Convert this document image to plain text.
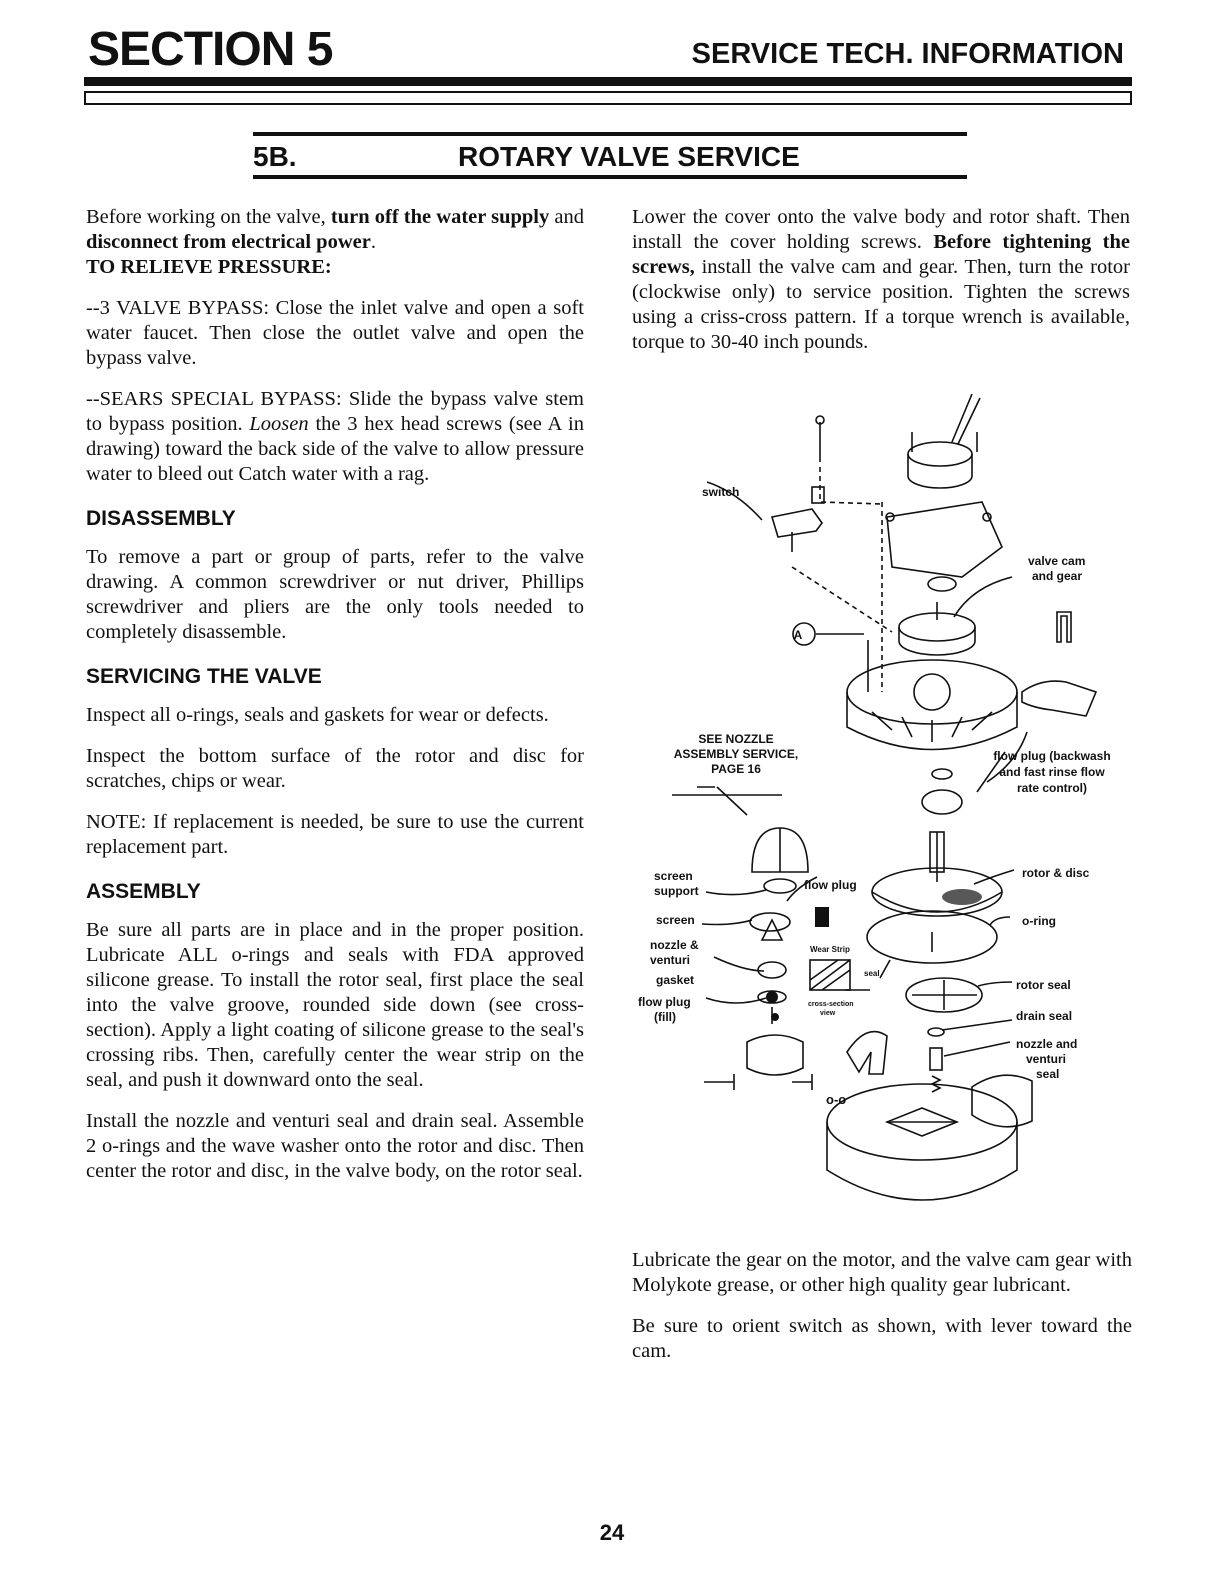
SECTION 5	SERVICE TECH. INFORMATION
5B.	ROTARY VALVE SERVICE

Before working on the valve, turn off the water supply and disconnect from electrical power.
TO RELIEVE PRESSURE:

--3 VALVE BYPASS: Close the inlet valve and open a soft water faucet. Then close the outlet valve and open the bypass valve.

--SEARS SPECIAL BYPASS: Slide the bypass valve stem to bypass position. Loosen the 3 hex head screws (see A in drawing) toward the back side of the valve to allow pressure water to bleed out Catch water with a rag.

DISASSEMBLY

To remove a part or group of parts, refer to the valve drawing. A common screwdriver or nut driver, Phillips screwdriver and pliers are the only tools needed to completely disassemble.

SERVICING THE VALVE

Inspect all o-rings, seals and gaskets for wear or defects.

Inspect the bottom surface of the rotor and disc for scratches, chips or wear.

NOTE: If replacement is needed, be sure to use the current replacement part.

ASSEMBLY

Be sure all parts are in place and in the proper position. Lubricate ALL o-rings and seals with FDA approved silicone grease. To install the rotor seal, first place the seal into the valve groove, rounded side down (see cross-section). Apply a light coating of silicone grease to the seal's crossing ribs. Then, carefully center the wear strip on the seal, and push it downward onto the seal.

Install the nozzle and venturi seal and drain seal. Assemble 2 o-rings and the wave washer onto the rotor and disc. Then center the rotor and disc, in the valve body, on the rotor seal.

Lower the cover onto the valve body and rotor shaft. Then install the cover holding screws. Before tightening the screws, install the valve cam and gear. Then, turn the rotor (clockwise only) to service position. Tighten the screws using a criss-cross pattern. If a torque wrench is available, torque to 30-40 inch pounds.

switch
valve cam
and gear
A
SEE NOZZLE
ASSEMBLY SERVICE,
PAGE 16
flow plug (backwash
and fast rinse flow
rate control)
screen
support	flow plug
rotor & disc
screen	o-ring
nozzle &
venturi
Wear Strip
seal
gasket	rotor seal
flow plug
(fill)
cross-section
view	drain seal
nozzle and
venturi
seal
o-o

Lubricate the gear on the motor, and the valve cam gear with Molykote grease, or other high quality gear lubricant.

Be sure to orient switch as shown, with lever toward the cam.

24
